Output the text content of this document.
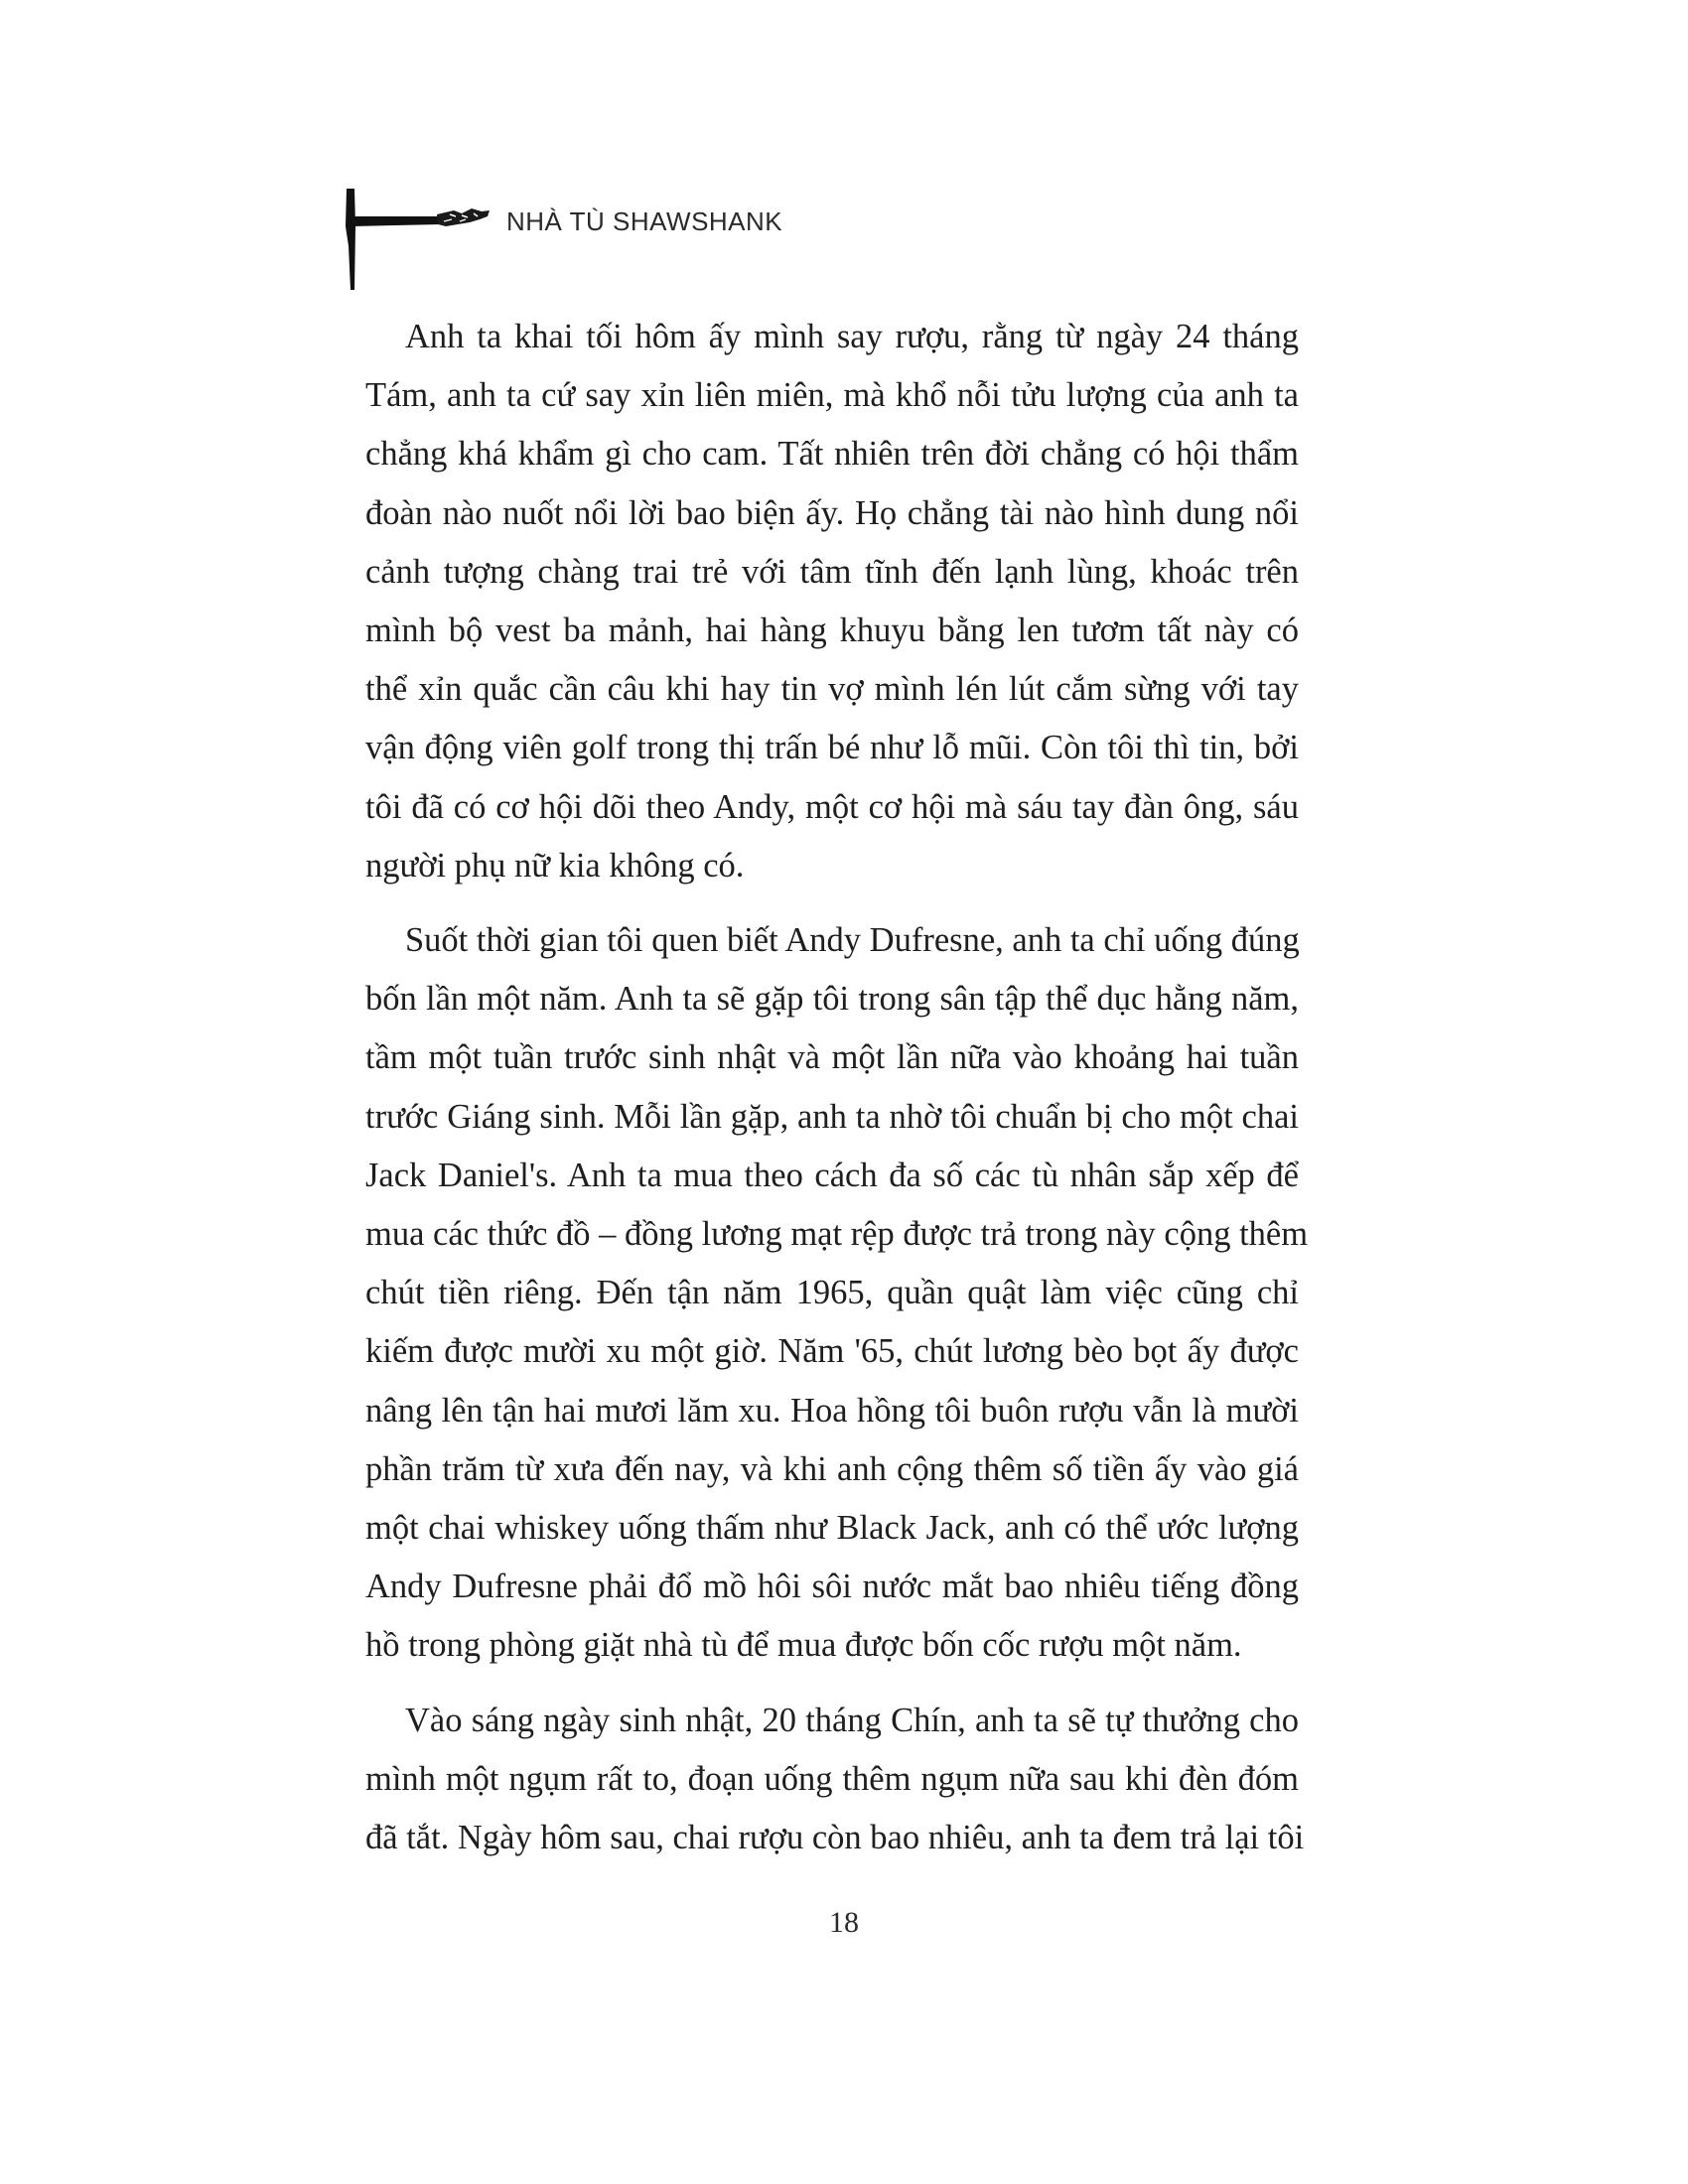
NHÀ TÙ SHAWSHANK

Anh ta khai tối hôm ấy mình say rượu, rằng từ ngày 24 tháng
Tám, anh ta cứ say xỉn liên miên, mà khổ nỗi tửu lượng của anh ta
chẳng khá khẩm gì cho cam. Tất nhiên trên đời chẳng có hội thẩm
đoàn nào nuốt nổi lời bao biện ấy. Họ chẳng tài nào hình dung nổi
cảnh tượng chàng trai trẻ với tâm tĩnh đến lạnh lùng, khoác trên
mình bộ vest ba mảnh, hai hàng khuyu bằng len tươm tất này có
thể xỉn quắc cần câu khi hay tin vợ mình lén lút cắm sừng với tay
vận động viên golf trong thị trấn bé như lỗ mũi. Còn tôi thì tin, bởi
tôi đã có cơ hội dõi theo Andy, một cơ hội mà sáu tay đàn ông, sáu
người phụ nữ kia không có.

Suốt thời gian tôi quen biết Andy Dufresne, anh ta chỉ uống đúng
bốn lần một năm. Anh ta sẽ gặp tôi trong sân tập thể dục hằng năm,
tầm một tuần trước sinh nhật và một lần nữa vào khoảng hai tuần
trước Giáng sinh. Mỗi lần gặp, anh ta nhờ tôi chuẩn bị cho một chai
Jack Daniel's. Anh ta mua theo cách đa số các tù nhân sắp xếp để
mua các thức đồ – đồng lương mạt rệp được trả trong này cộng thêm
chút tiền riêng. Đến tận năm 1965, quần quật làm việc cũng chỉ
kiếm được mười xu một giờ. Năm '65, chút lương bèo bọt ấy được
nâng lên tận hai mươi lăm xu. Hoa hồng tôi buôn rượu vẫn là mười
phần trăm từ xưa đến nay, và khi anh cộng thêm số tiền ấy vào giá
một chai whiskey uống thấm như Black Jack, anh có thể ước lượng
Andy Dufresne phải đổ mồ hôi sôi nước mắt bao nhiêu tiếng đồng
hồ trong phòng giặt nhà tù để mua được bốn cốc rượu một năm.

Vào sáng ngày sinh nhật, 20 tháng Chín, anh ta sẽ tự thưởng cho
mình một ngụm rất to, đoạn uống thêm ngụm nữa sau khi đèn đóm
đã tắt. Ngày hôm sau, chai rượu còn bao nhiêu, anh ta đem trả lại tôi

18
